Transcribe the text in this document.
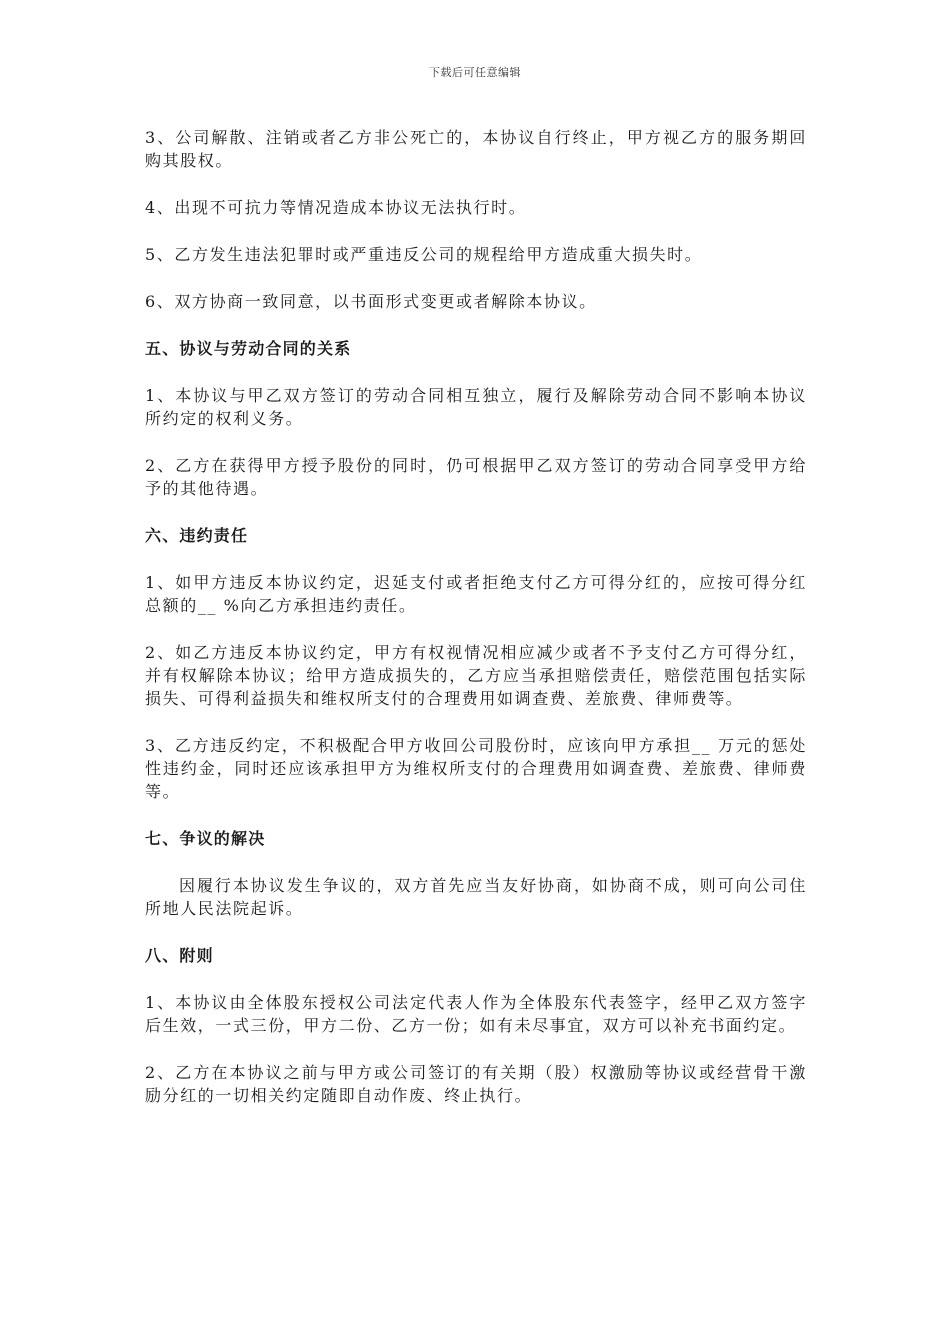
下载后可任意编辑

3、公司解散、注销或者乙方非公死亡的，本协议自行终止，甲方视乙方的服务期回购其股权。

4、出现不可抗力等情况造成本协议无法执行时。

5、乙方发生违法犯罪时或严重违反公司的规程给甲方造成重大损失时。

6、双方协商一致同意，以书面形式变更或者解除本协议。

五、协议与劳动合同的关系

1、本协议与甲乙双方签订的劳动合同相互独立，履行及解除劳动合同不影响本协议所约定的权利义务。

2、乙方在获得甲方授予股份的同时，仍可根据甲乙双方签订的劳动合同享受甲方给予的其他待遇。

六、违约责任

1、如甲方违反本协议约定，迟延支付或者拒绝支付乙方可得分红的，应按可得分红总额的__ %向乙方承担违约责任。

2、如乙方违反本协议约定，甲方有权视情况相应减少或者不予支付乙方可得分红，并有权解除本协议；给甲方造成损失的，乙方应当承担赔偿责任，赔偿范围包括实际损失、可得利益损失和维权所支付的合理费用如调查费、差旅费、律师费等。

3、乙方违反约定，不积极配合甲方收回公司股份时，应该向甲方承担__ 万元的惩处性违约金，同时还应该承担甲方为维权所支付的合理费用如调查费、差旅费、律师费等。

七、争议的解决

因履行本协议发生争议的，双方首先应当友好协商，如协商不成，则可向公司住所地人民法院起诉。

八、附则

1、本协议由全体股东授权公司法定代表人作为全体股东代表签字，经甲乙双方签字后生效，一式三份，甲方二份、乙方一份；如有未尽事宜，双方可以补充书面约定。

2、乙方在本协议之前与甲方或公司签订的有关期（股）权激励等协议或经营骨干激励分红的一切相关约定随即自动作废、终止执行。
